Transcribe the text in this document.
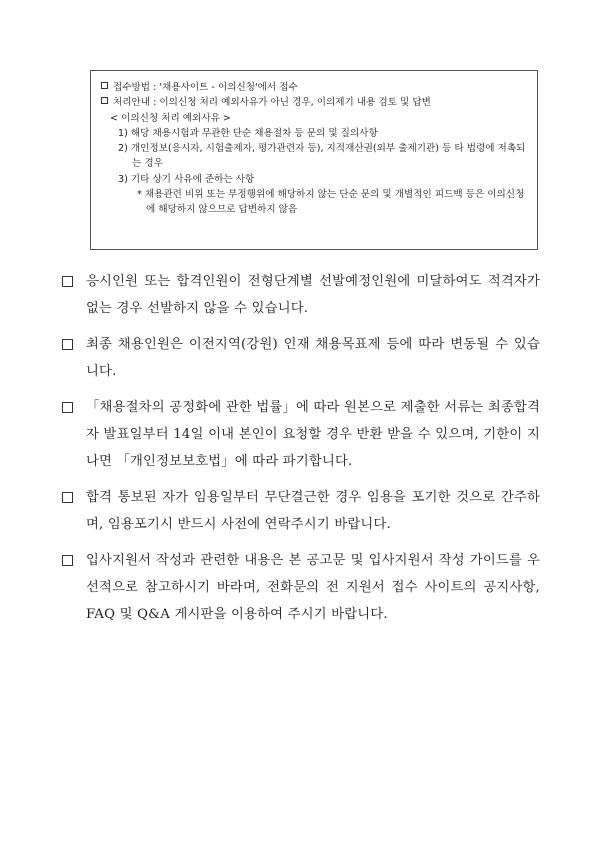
접수방법 : '채용사이트 - 이의신청'에서 접수
처리안내 : 이의신청 처리 예외사유가 아닌 경우, 이의제기 내용 검토 및 답변
< 이의신청 처리 예외사유 >
1) 해당 채용시험과 무관한 단순 채용절차 등 문의 및 질의사항
2) 개인정보(응시자, 시험출제자, 평가관련자 등), 지적재산권(외부 출제기관) 등 타 법령에 저촉되는 경우
3) 기타 상기 사유에 준하는 사항
* 채용관련 비위 또는 부정행위에 해당하지 않는 단순 문의 및 개별적인 피드백 등은 이의신청에 해당하지 않으므로 답변하지 않음
응시인원 또는 합격인원이 전형단계별 선발예정인원에 미달하여도 적격자가 없는 경우 선발하지 않을 수 있습니다.
최종 채용인원은 이전지역(강원) 인재 채용목표제 등에 따라 변동될 수 있습니다.
「채용절차의 공정화에 관한 법률」에 따라 원본으로 제출한 서류는 최종합격자 발표일부터 14일 이내 본인이 요청할 경우 반환 받을 수 있으며, 기한이 지나면 「개인정보보호법」에 따라 파기합니다.
합격 통보된 자가 임용일부터 무단결근한 경우 임용을 포기한 것으로 간주하며, 임용포기시 반드시 사전에 연락주시기 바랍니다.
입사지원서 작성과 관련한 내용은 본 공고문 및 입사지원서 작성 가이드를 우선적으로 참고하시기 바라며, 전화문의 전 지원서 접수 사이트의 공지사항, FAQ 및 Q&A 게시판을 이용하여 주시기 바랍니다.
